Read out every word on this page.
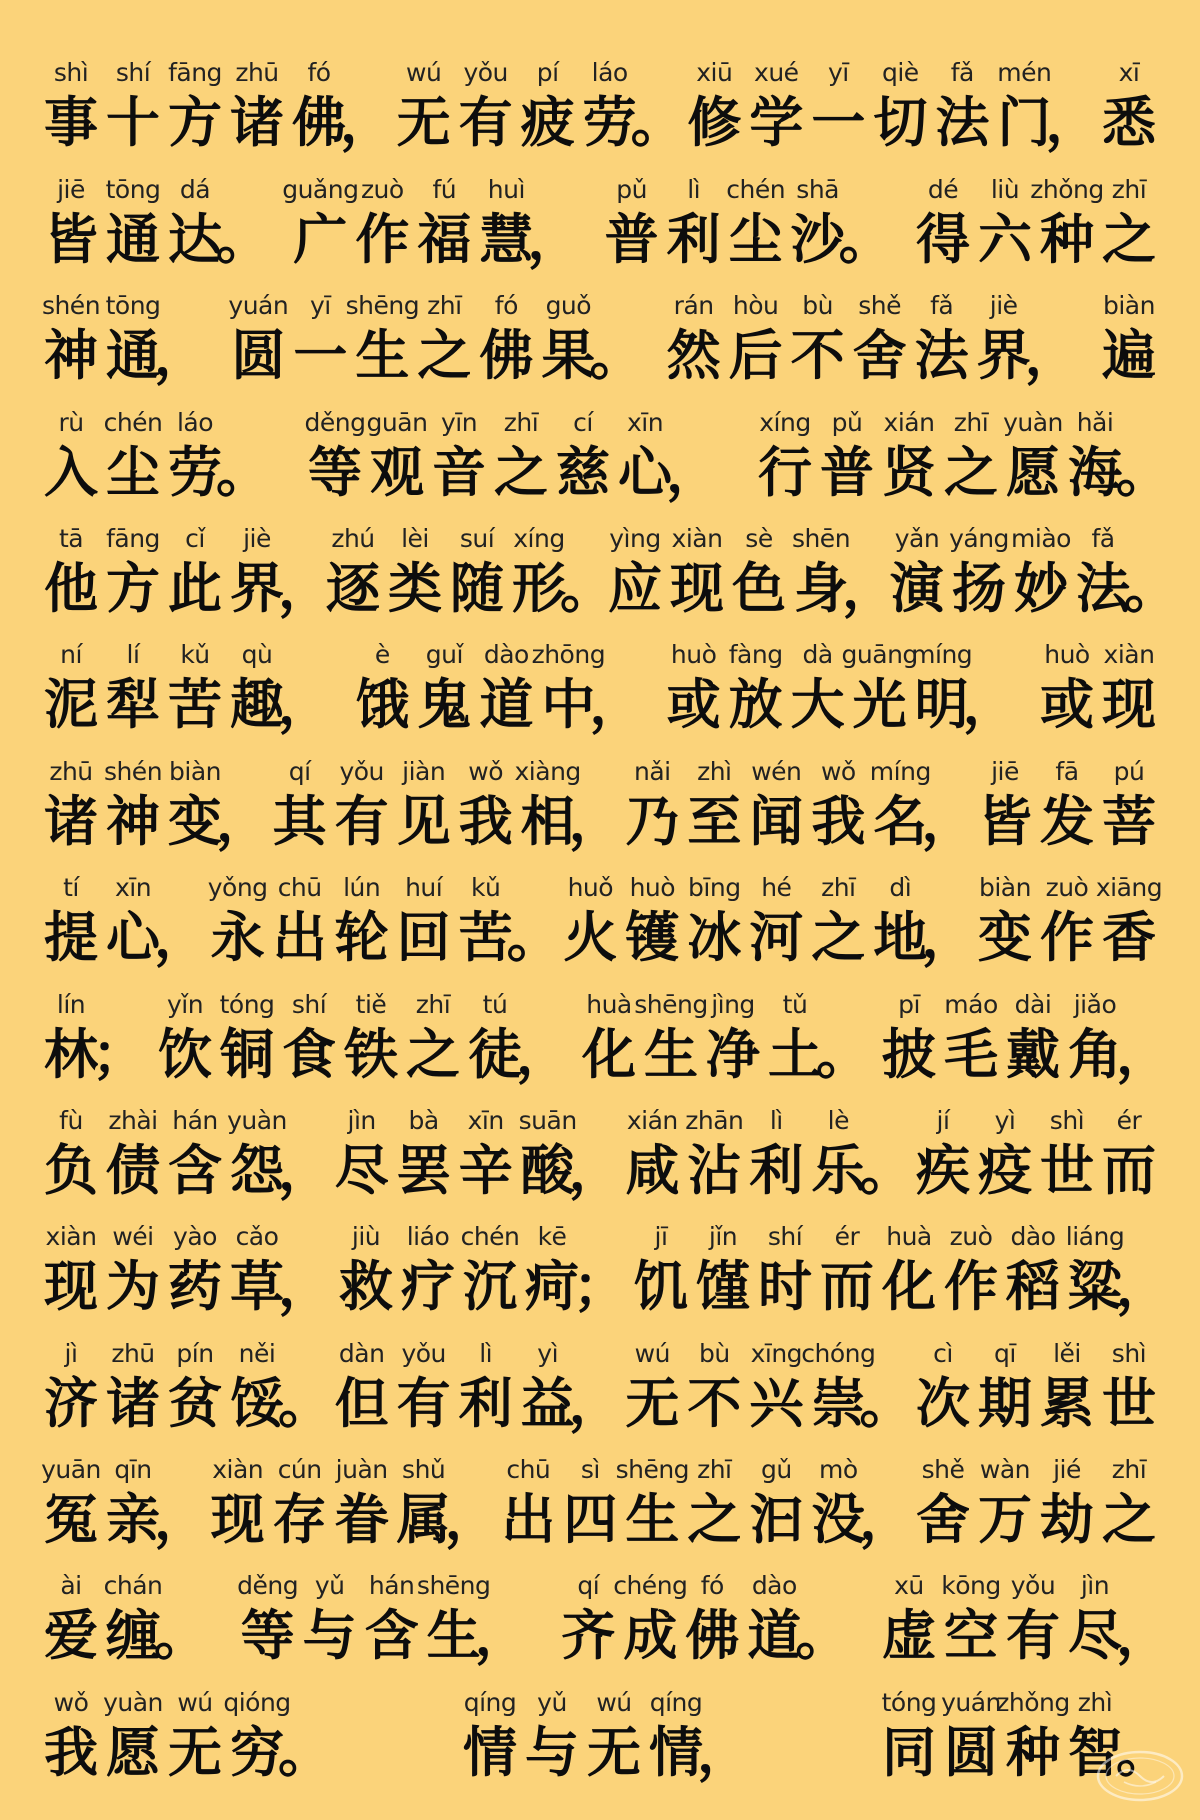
shì
事
shí
十
fāng
方
zhū
诸
fó
佛
，
wú
无
yǒu
有
pí
疲
láo
劳
。
xiū
修
xué
学
yī
一
qiè
切
fǎ
法
mén
门
，
xī
悉
jiē
皆
tōng
通
dá
达
。
guǎng
广
zuò
作
fú
福
huì
慧
，
pǔ
普
lì
利
chén
尘
shā
沙
。
dé
得
liù
六
zhǒng
种
zhī
之
shén
神
tōng
通
，
yuán
圆
yī
一
shēng
生
zhī
之
fó
佛
guǒ
果
。
rán
然
hòu
后
bù
不
shě
舍
fǎ
法
jiè
界
，
biàn
遍
rù
入
chén
尘
láo
劳
。
děng
等
guān
观
yīn
音
zhī
之
cí
慈
xīn
心
，
xíng
行
pǔ
普
xián
贤
zhī
之
yuàn
愿
hǎi
海
。
tā
他
fāng
方
cǐ
此
jiè
界
，
zhú
逐
lèi
类
suí
随
xíng
形
。
yìng
应
xiàn
现
sè
色
shēn
身
，
yǎn
演
yáng
扬
miào
妙
fǎ
法
。
ní
泥
lí
犁
kǔ
苦
qù
趣
，
è
饿
guǐ
鬼
dào
道
zhōng
中
，
huò
或
fàng
放
dà
大
guāng
光
míng
明
，
huò
或
xiàn
现
zhū
诸
shén
神
biàn
变
，
qí
其
yǒu
有
jiàn
见
wǒ
我
xiàng
相
，
nǎi
乃
zhì
至
wén
闻
wǒ
我
míng
名
，
jiē
皆
fā
发
pú
菩
tí
提
xīn
心
，
yǒng
永
chū
出
lún
轮
huí
回
kǔ
苦
。
huǒ
火
huò
镬
bīng
冰
hé
河
zhī
之
dì
地
，
biàn
变
zuò
作
xiāng
香
lín
林
；
yǐn
饮
tóng
铜
shí
食
tiě
铁
zhī
之
tú
徒
，
huà
化
shēng
生
jìng
净
tǔ
土
。
pī
披
máo
毛
dài
戴
jiǎo
角
，
fù
负
zhài
债
hán
含
yuàn
怨
，
jìn
尽
bà
罢
xīn
辛
suān
酸
，
xián
咸
zhān
沾
lì
利
lè
乐
。
jí
疾
yì
疫
shì
世
ér
而
xiàn
现
wéi
为
yào
药
cǎo
草
，
jiù
救
liáo
疗
chén
沉
kē
疴
；
jī
饥
jǐn
馑
shí
时
ér
而
huà
化
zuò
作
dào
稻
liáng
粱
，
jì
济
zhū
诸
pín
贫
něi
馁
。
dàn
但
yǒu
有
lì
利
yì
益
，
wú
无
bù
不
xīng
兴
chóng
崇
。
cì
次
qī
期
lěi
累
shì
世
yuān
冤
qīn
亲
，
xiàn
现
cún
存
juàn
眷
shǔ
属
，
chū
出
sì
四
shēng
生
zhī
之
gǔ
汩
mò
没
，
shě
舍
wàn
万
jié
劫
zhī
之
ài
爱
chán
缠
。
děng
等
yǔ
与
hán
含
shēng
生
，
qí
齐
chéng
成
fó
佛
dào
道
。
xū
虚
kōng
空
yǒu
有
jìn
尽
，
wǒ
我
yuàn
愿
wú
无
qióng
穷
。
qíng
情
yǔ
与
wú
无
qíng
情
，
tóng
同
yuán
圆
zhǒng
种
zhì
智
。
